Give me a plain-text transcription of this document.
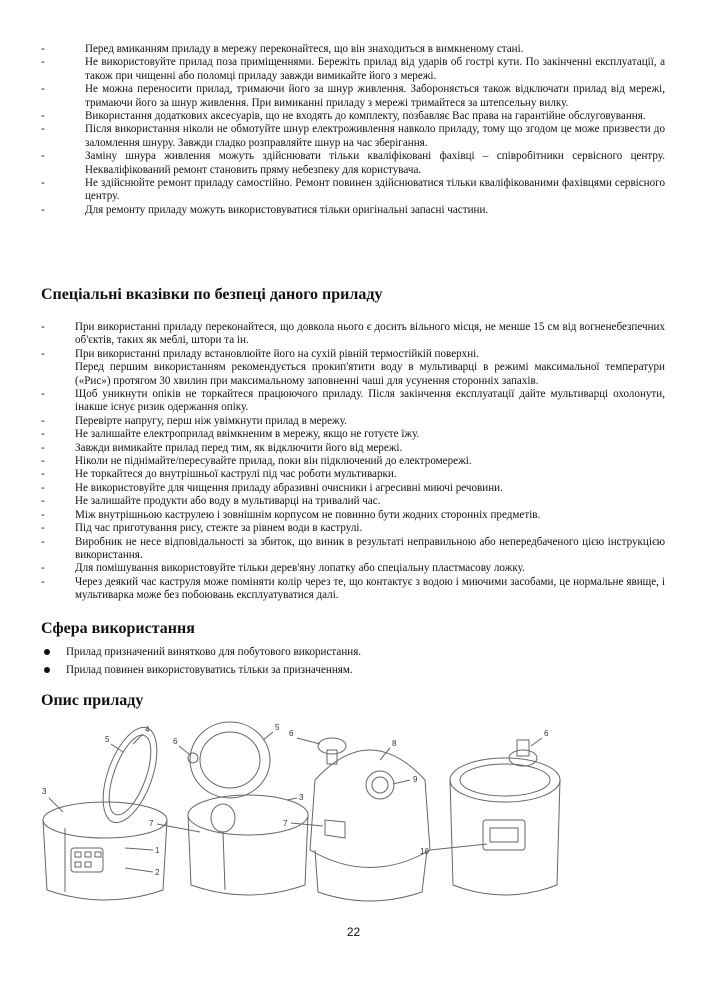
-	Перед вмиканням приладу в мережу переконайтеся, що він знаходиться в вимкненому стані.
-	Не використовуйте прилад поза приміщеннями. Бережіть прилад від ударів об гострі кути. По закінченні експлуатації, а також при чищенні або поломці приладу завжди вимикайте його з мережі.
-	Не можна переносити прилад, тримаючи його за шнур живлення. Забороняється також відключати прилад від мережі, тримаючи його за шнур живлення. При вимиканні приладу з мережі тримайтеся за штепсельну вилку.
-	Використання додаткових аксесуарів, що не входять до комплекту, позбавляє Вас права на гарантійне обслуговування.
-	Після використання ніколи не обмотуйте шнур електроживлення навколо приладу, тому що згодом це може призвести до заломлення шнуру. Завжди гладко розправляйте шнур на час зберігання.
-	Заміну шнура живлення можуть здійснювати тільки кваліфіковані фахівці – співробітники сервісного центру. Некваліфікований ремонт становить пряму небезпеку для користувача.
-	Не здійснюйте ремонт приладу самостійно. Ремонт повинен здійснюватися тільки кваліфікованими фахівцями сервісного центру.
-	Для ремонту приладу можуть використовуватися тільки оригінальні запасні частини.
Спеціальні вказівки по безпеці даного приладу
-	При використанні приладу переконайтеся, що довкола нього є досить вільного місця, не менше 15 см від вогненебезпечних об'єктів, таких як меблі, штори та ін.
-	При використанні приладу встановлюйте його на сухій рівній термостійкій поверхні.
Перед першим використанням рекомендується прокип'ятити воду в мультиварці в режимі максимальної температури («Рис») протягом 30 хвилин при максимальному заповненні чаші для усунення сторонніх запахів.
-	Щоб уникнути опіків не торкайтеся працюючого приладу. Після закінчення експлуатації дайте мультиварці охолонути, інакше існує ризик одержання опіку.
-	Перевірте напругу, перш ніж увімкнути прилад в мережу.
-	Не залишайте електроприлад ввімкненим в мережу, якщо не готуєте їжу.
-	Завжди вимикайте прилад перед тим, як відключити його від мережі.
-	Ніколи не піднімайте/пересувайте прилад, поки він підключений до електромережі.
-	Не торкайтеся до внутрішньої каструлі під час роботи мультиварки.
-	Не використовуйте для чищення приладу абразивні очисники і агресивні миючі речовини.
-	Не залишайте продукти або воду в мультиварці на тривалий час.
-	Між внутрішньою каструлею і зовнішнім корпусом не повинно бути жодних сторонніх предметів.
-	Під час приготування рису, стежте за рівнем води в каструлі.
-	Виробник не несе відповідальності за збиток, що виник в результаті неправильною або непередбаченого цією інструкцією використання.
-	Для помішування використовуйте тільки дерев'яну лопатку або спеціальну пластмасову ложку.
-	Через деякий час каструля може поміняти колір через те, що контактує з водою і миючими засобами, це нормальне явище, і мультиварка може без побоювань експлуатуватися далі.
Сфера використання
Прилад призначений винятково для побутового використання.
Прилад повинен використовуватись тільки за призначенням.
Опис приладу
3
5
4
1
2
6
5
3
7
6
8
9
7
6
10
22
